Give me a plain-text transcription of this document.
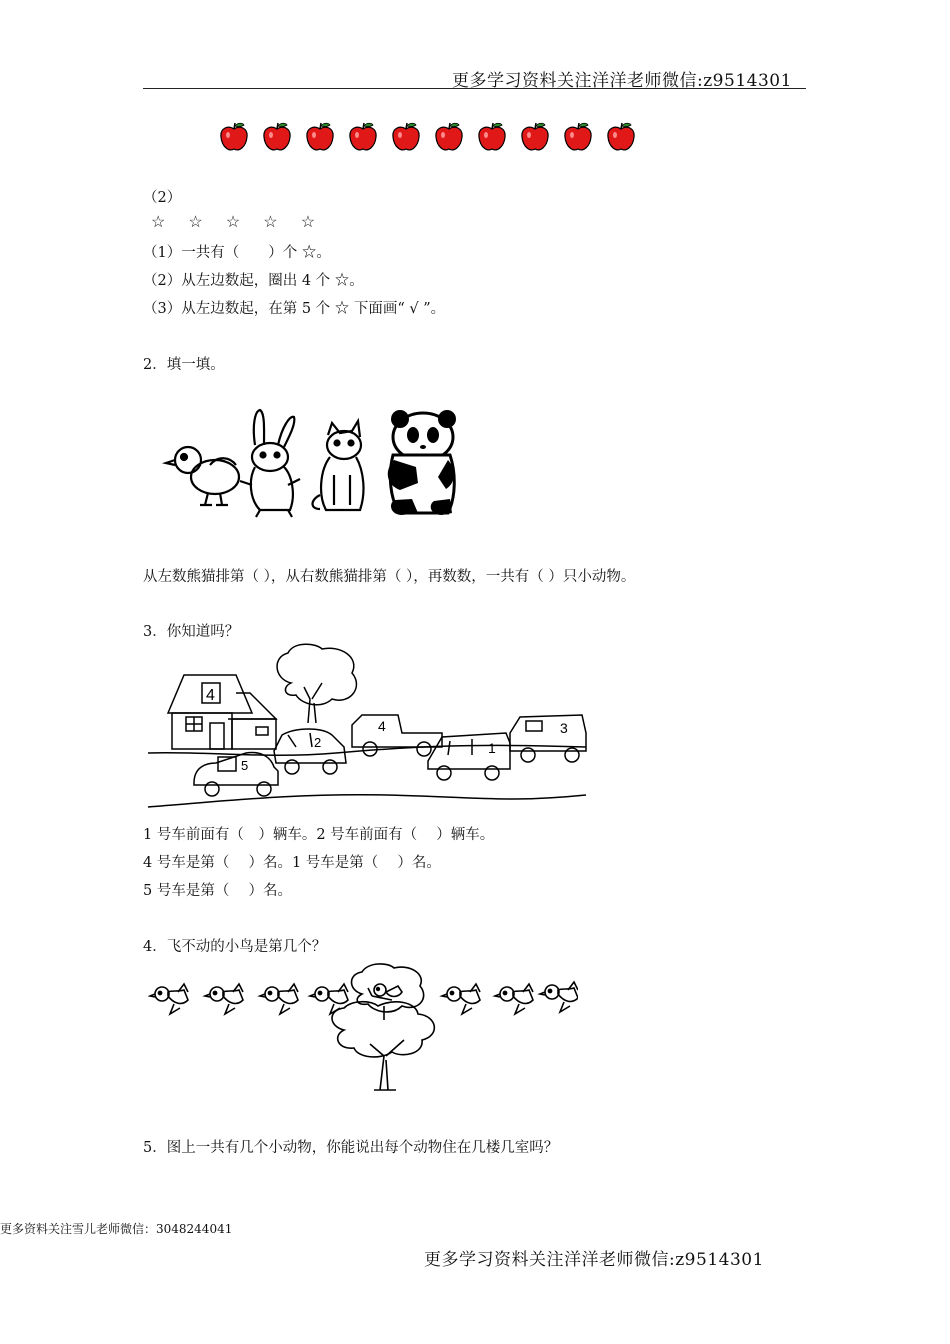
更多学习资料关注洋洋老师微信:z9514301
（2）
☆ ☆ ☆ ☆ ☆
（1）一共有（　　）个 ☆。
（2）从左边数起，圈出 4 个 ☆。
（3）从左边数起，在第 5 个 ☆ 下面画“ √ ”。
2．填一填。
从左数熊猫排第（ ），从右数熊猫排第（ ），再数数，一共有（ ）只小动物。
3．你知道吗？
4
5
2
4
1
3
1 号车前面有（　）辆车。2 号车前面有（　 ）辆车。
4 号车是第（　 ）名。1 号车是第（　 ）名。
5 号车是第（　 ）名。
4．飞不动的小鸟是第几个？
5．图上一共有几个小动物，你能说出每个动物住在几楼几室吗？
更多资料关注雪儿老师微信：3048244041
更多学习资料关注洋洋老师微信:z9514301
